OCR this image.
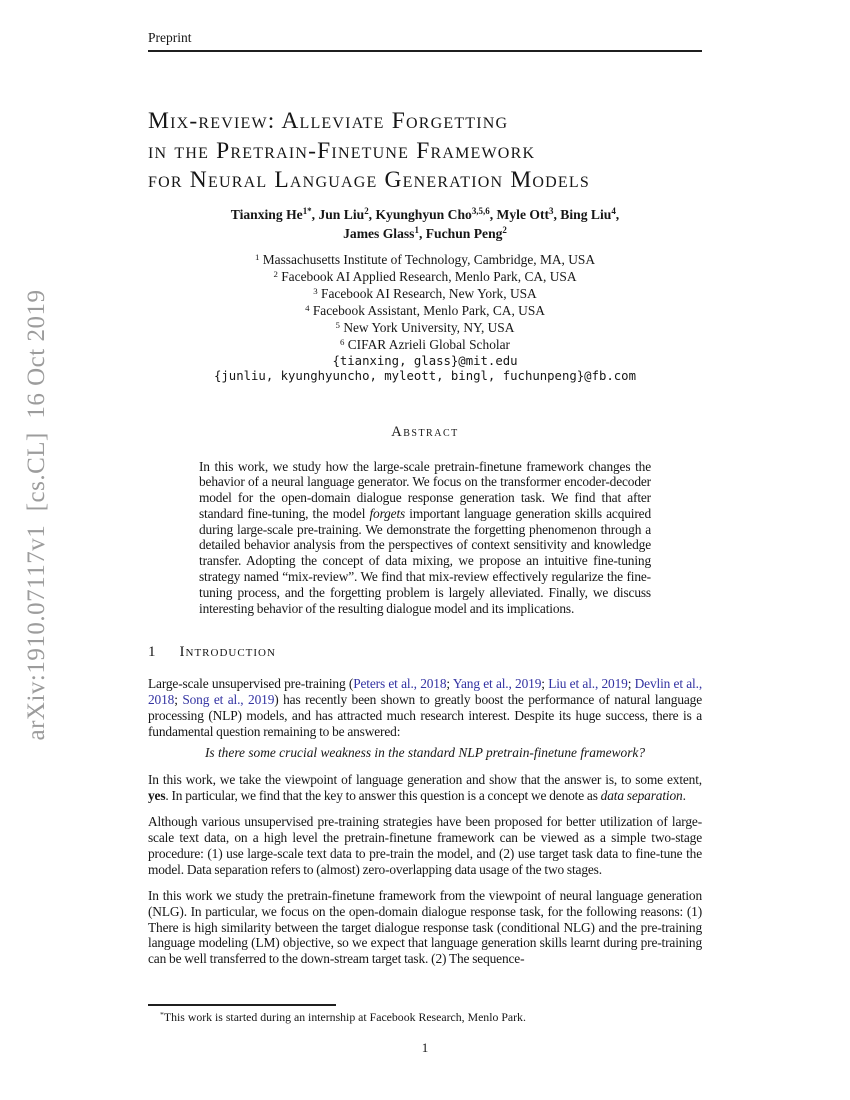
arXiv:1910.07117v1  [cs.CL]  16 Oct 2019
Preprint
Mix-review: Alleviate Forgetting
in the Pretrain-Finetune Framework
for Neural Language Generation Models
Tianxing $He^{1*}$, Jun Liu$^2$, Kyunghyun Cho$^{3,5,6}$, Myle Ott$^3$, Bing Liu$^4$,
James Glass$^1$, Fuchun Peng$^2$
$^1$ Massachusetts Institute of Technology, Cambridge, MA, USA
$^2$ Facebook AI Applied Research, Menlo Park, CA, USA
$^3$ Facebook AI Research, New York, USA
$^4$ Facebook Assistant, Menlo Park, CA, USA
$^5$ New York University, NY, USA
$^6$ CIFAR Azrieli Global Scholar
{tianxing, glass}@mit.edu
{junliu, kyunghyuncho, myleott, bingl, fuchunpeng}@fb.com
Abstract

In this work, we study how the large-scale pretrain-finetune framework changes the behavior of a neural language generator. We focus on the transformer encoder-decoder model for the open-domain dialogue response generation task. We find that after standard fine-tuning, the model forgets important language generation skills acquired during large-scale pre-training. We demonstrate the forgetting phenomenon through a detailed behavior analysis from the perspectives of context sensitivity and knowledge transfer. Adopting the concept of data mixing, we propose an intuitive fine-tuning strategy named “mix-review”. We find that mix-review effectively regularize the fine-tuning process, and the forgetting problem is largely alleviated. Finally, we discuss interesting behavior of the resulting dialogue model and its implications.

1 Introduction

Large-scale unsupervised pre-training (Peters et al., 2018; Yang et al., 2019; Liu et al., 2019; Devlin et al., 2018; Song et al., 2019) has recently been shown to greatly boost the performance of natural language processing (NLP) models, and has attracted much research interest. Despite its huge success, there is a fundamental question remaining to be answered:

Is there some crucial weakness in the standard NLP pretrain-finetune framework?

In this work, we take the viewpoint of language generation and show that the answer is, to some extent, yes. In particular, we find that the key to answer this question is a concept we denote as data separation.

Although various unsupervised pre-training strategies have been proposed for better utilization of large-scale text data, on a high level the pretrain-finetune framework can be viewed as a simple two-stage procedure: (1) use large-scale text data to pre-train the model, and (2) use target task data to fine-tune the model. Data separation refers to (almost) zero-overlapping data usage of the two stages.

In this work we study the pretrain-finetune framework from the viewpoint of neural language generation (NLG). In particular, we focus on the open-domain dialogue response task, for the following reasons: (1) There is high similarity between the target dialogue response task (conditional NLG) and the pre-training language modeling (LM) objective, so we expect that language generation skills learnt during pre-training can be well transferred to the down-stream target task. (2) The sequence-

*This work is started during an internship at Facebook Research, Menlo Park.
1
